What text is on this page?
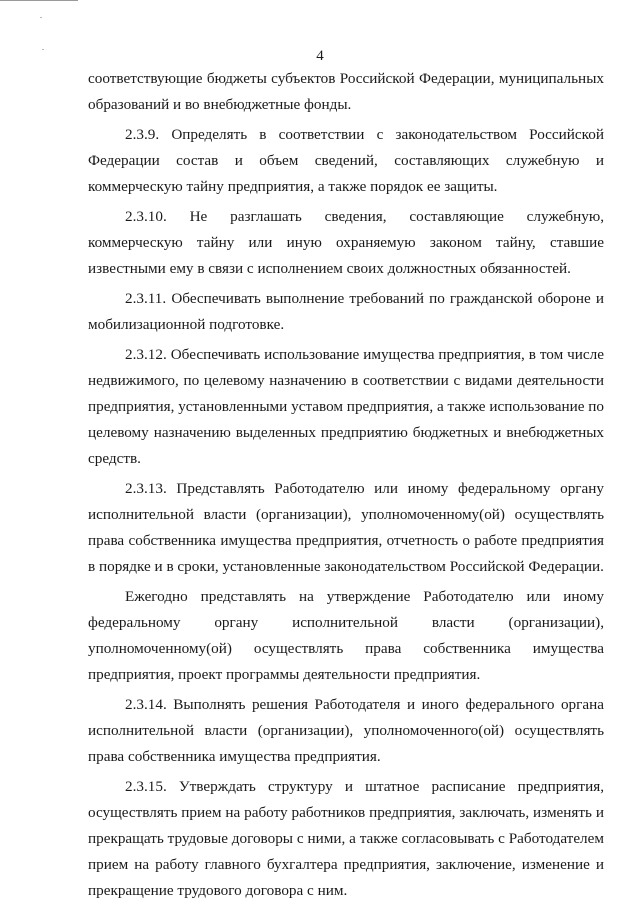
4

соответствующие бюджеты субъектов Российской Федерации, муниципальных образований и во внебюджетные фонды.

2.3.9. Определять в соответствии с законодательством Российской Федерации состав и объем сведений, составляющих служебную и коммерческую тайну предприятия, а также порядок ее защиты.

2.3.10. Не разглашать сведения, составляющие служебную, коммерческую тайну или иную охраняемую законом тайну, ставшие известными ему в связи с исполнением своих должностных обязанностей.

2.3.11. Обеспечивать выполнение требований по гражданской обороне и мобилизационной подготовке.

2.3.12. Обеспечивать использование имущества предприятия, в том числе недвижимого, по целевому назначению в соответствии с видами деятельности предприятия, установленными уставом предприятия, а также использование по целевому назначению выделенных предприятию бюджетных и внебюджетных средств.

2.3.13. Представлять Работодателю или иному федеральному органу исполнительной власти (организации), уполномоченному(ой) осуществлять права собственника имущества предприятия, отчетность о работе предприятия в порядке и в сроки, установленные законодательством Российской Федерации.

Ежегодно представлять на утверждение Работодателю или иному федеральному органу исполнительной власти (организации), уполномоченному(ой) осуществлять права собственника имущества предприятия, проект программы деятельности предприятия.

2.3.14. Выполнять решения Работодателя и иного федерального органа исполнительной власти (организации), уполномоченного(ой) осуществлять права собственника имущества предприятия.

2.3.15. Утверждать структуру и штатное расписание предприятия, осуществлять прием на работу работников предприятия, заключать, изменять и прекращать трудовые договоры с ними, а также согласовывать с Работодателем прием на работу главного бухгалтера предприятия, заключение, изменение и прекращение трудового договора с ним.
